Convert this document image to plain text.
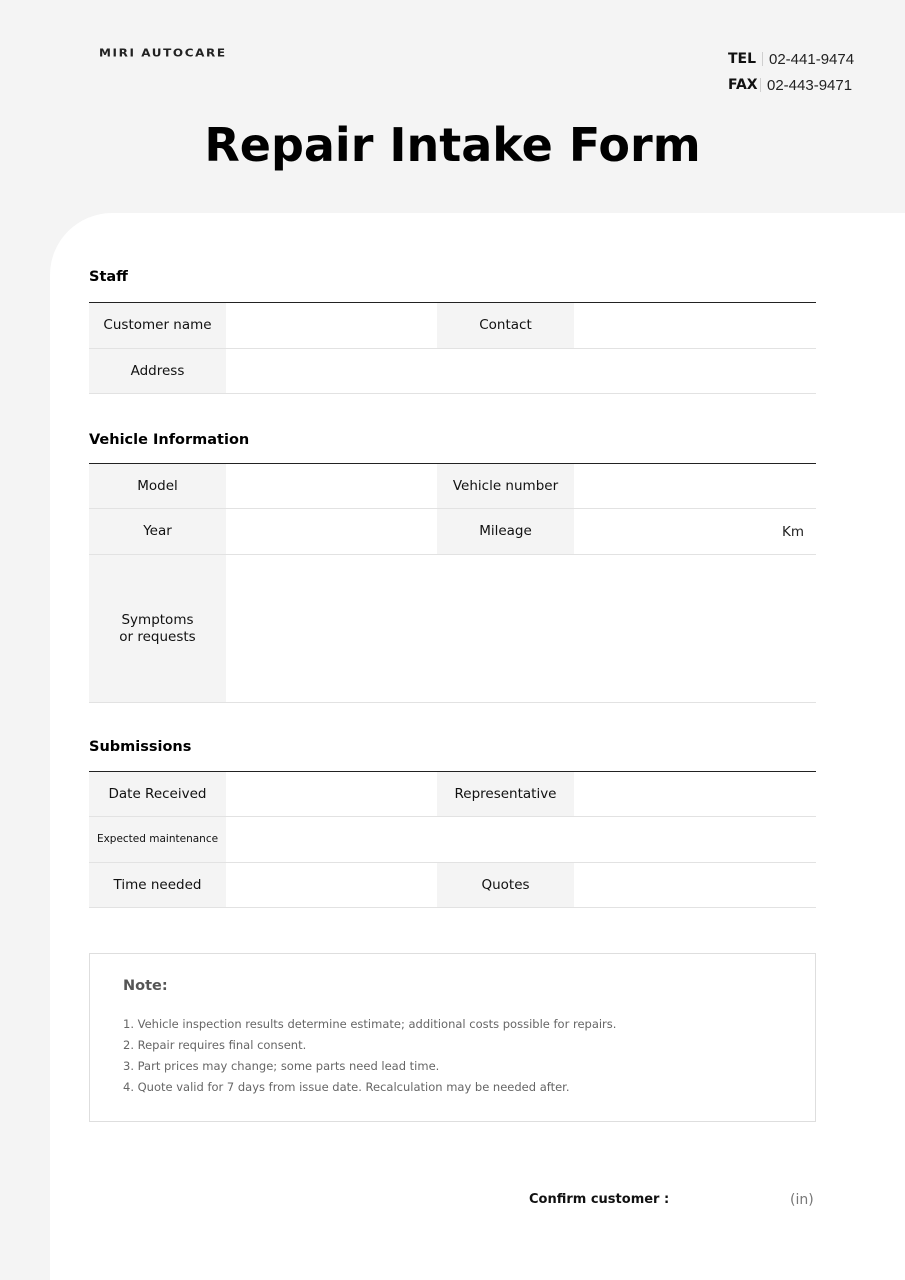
MIRI AUTOCARE	TEL 02-441-9474
FAX 02-443-9471
Repair Intake Form
Staff
Customer name	Contact
Address
Vehicle Information
Model	Vehicle number
Year	Mileage	Km
Symptoms
or requests
Submissions
Date Received	Representative
Expected maintenance
Time needed	Quotes
Note:
1. Vehicle inspection results determine estimate; additional costs possible for repairs.
2. Repair requires final consent.
3. Part prices may change; some parts need lead time.
4. Quote valid for 7 days from issue date. Recalculation may be needed after.
Confirm customer :	(in)
